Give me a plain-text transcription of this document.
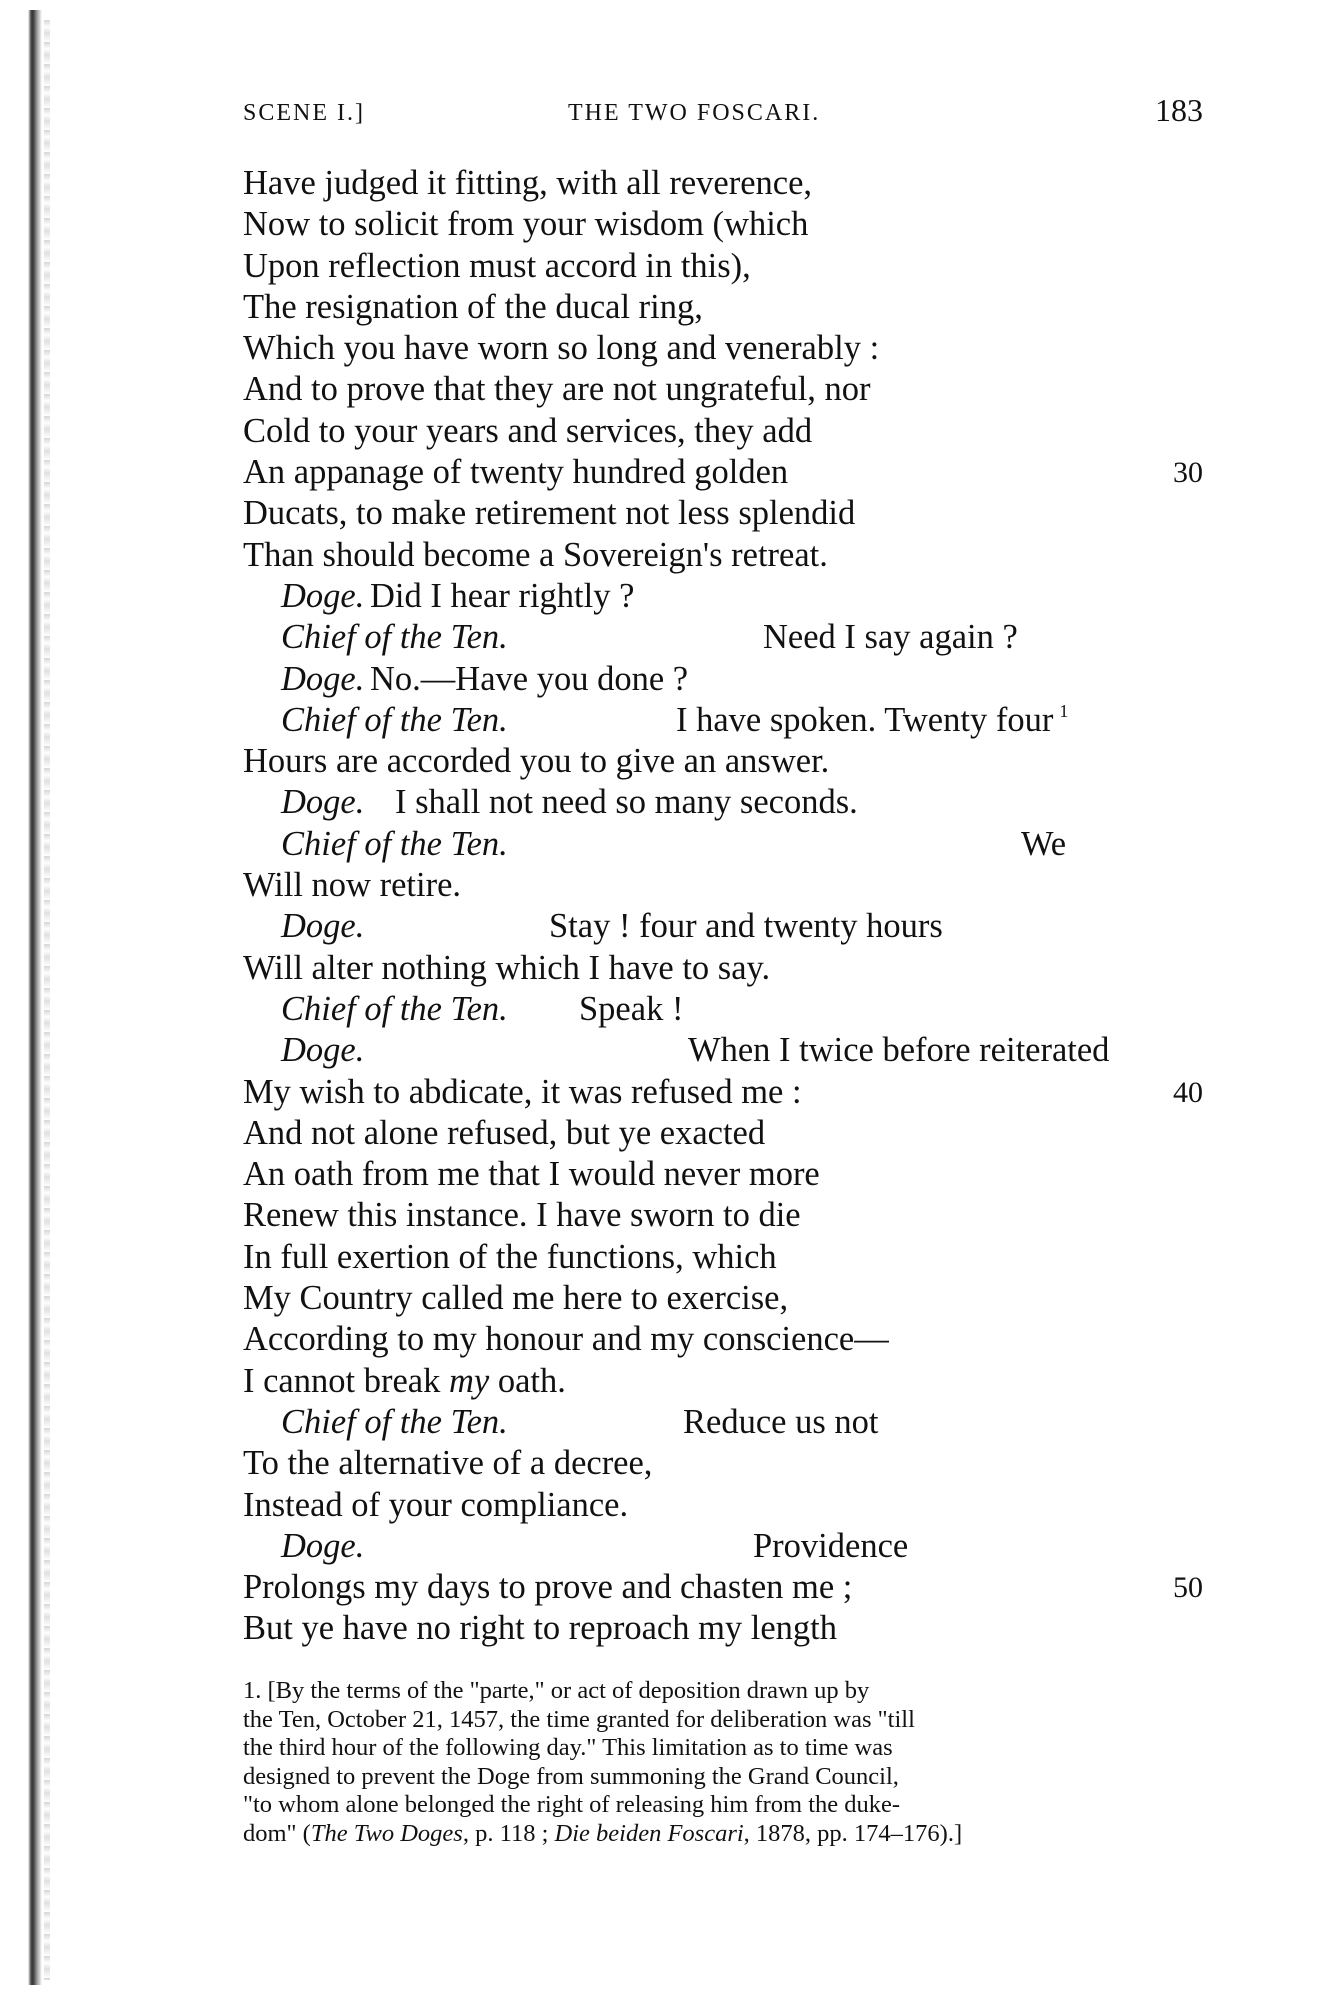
SCENE I.]	THE TWO FOSCARI.	183
Have judged it fitting, with all reverence,
Now to solicit from your wisdom (which
Upon reflection must accord in this),
The resignation of the ducal ring,
Which you have worn so long and venerably :
And to prove that they are not ungrateful, nor
Cold to your years and services, they add
An appanage of twenty hundred golden	30
Ducats, to make retirement not less splendid
Than should become a Sovereign's retreat.
Doge. Did I hear rightly ?
Chief of the Ten.	Need I say again ?
Doge. No.—Have you done ?
Chief of the Ten.	I have spoken. Twenty four $^1$
Hours are accorded you to give an answer.
Doge. I shall not need so many seconds.
Chief of the Ten.	We
Will now retire.
Doge.	Stay ! four and twenty hours
Will alter nothing which I have to say.
Chief of the Ten. Speak !
Doge.	When I twice before reiterated
My wish to abdicate, it was refused me :	40
And not alone refused, but ye exacted
An oath from me that I would never more
Renew this instance. I have sworn to die
In full exertion of the functions, which
My Country called me here to exercise,
According to my honour and my conscience—
I cannot break my oath.
Chief of the Ten.	Reduce us not
To the alternative of a decree,
Instead of your compliance.
Doge.	Providence
Prolongs my days to prove and chasten me ;	50
But ye have no right to reproach my length
1. [By the terms of the "parte," or act of deposition drawn up by
the Ten, October 21, 1457, the time granted for deliberation was "till
the third hour of the following day." This limitation as to time was
designed to prevent the Doge from summoning the Grand Council,
"to whom alone belonged the right of releasing him from the duke-
dom" (The Two Doges, p. 118 ; Die beiden Foscari, 1878, pp. 174–176).]
